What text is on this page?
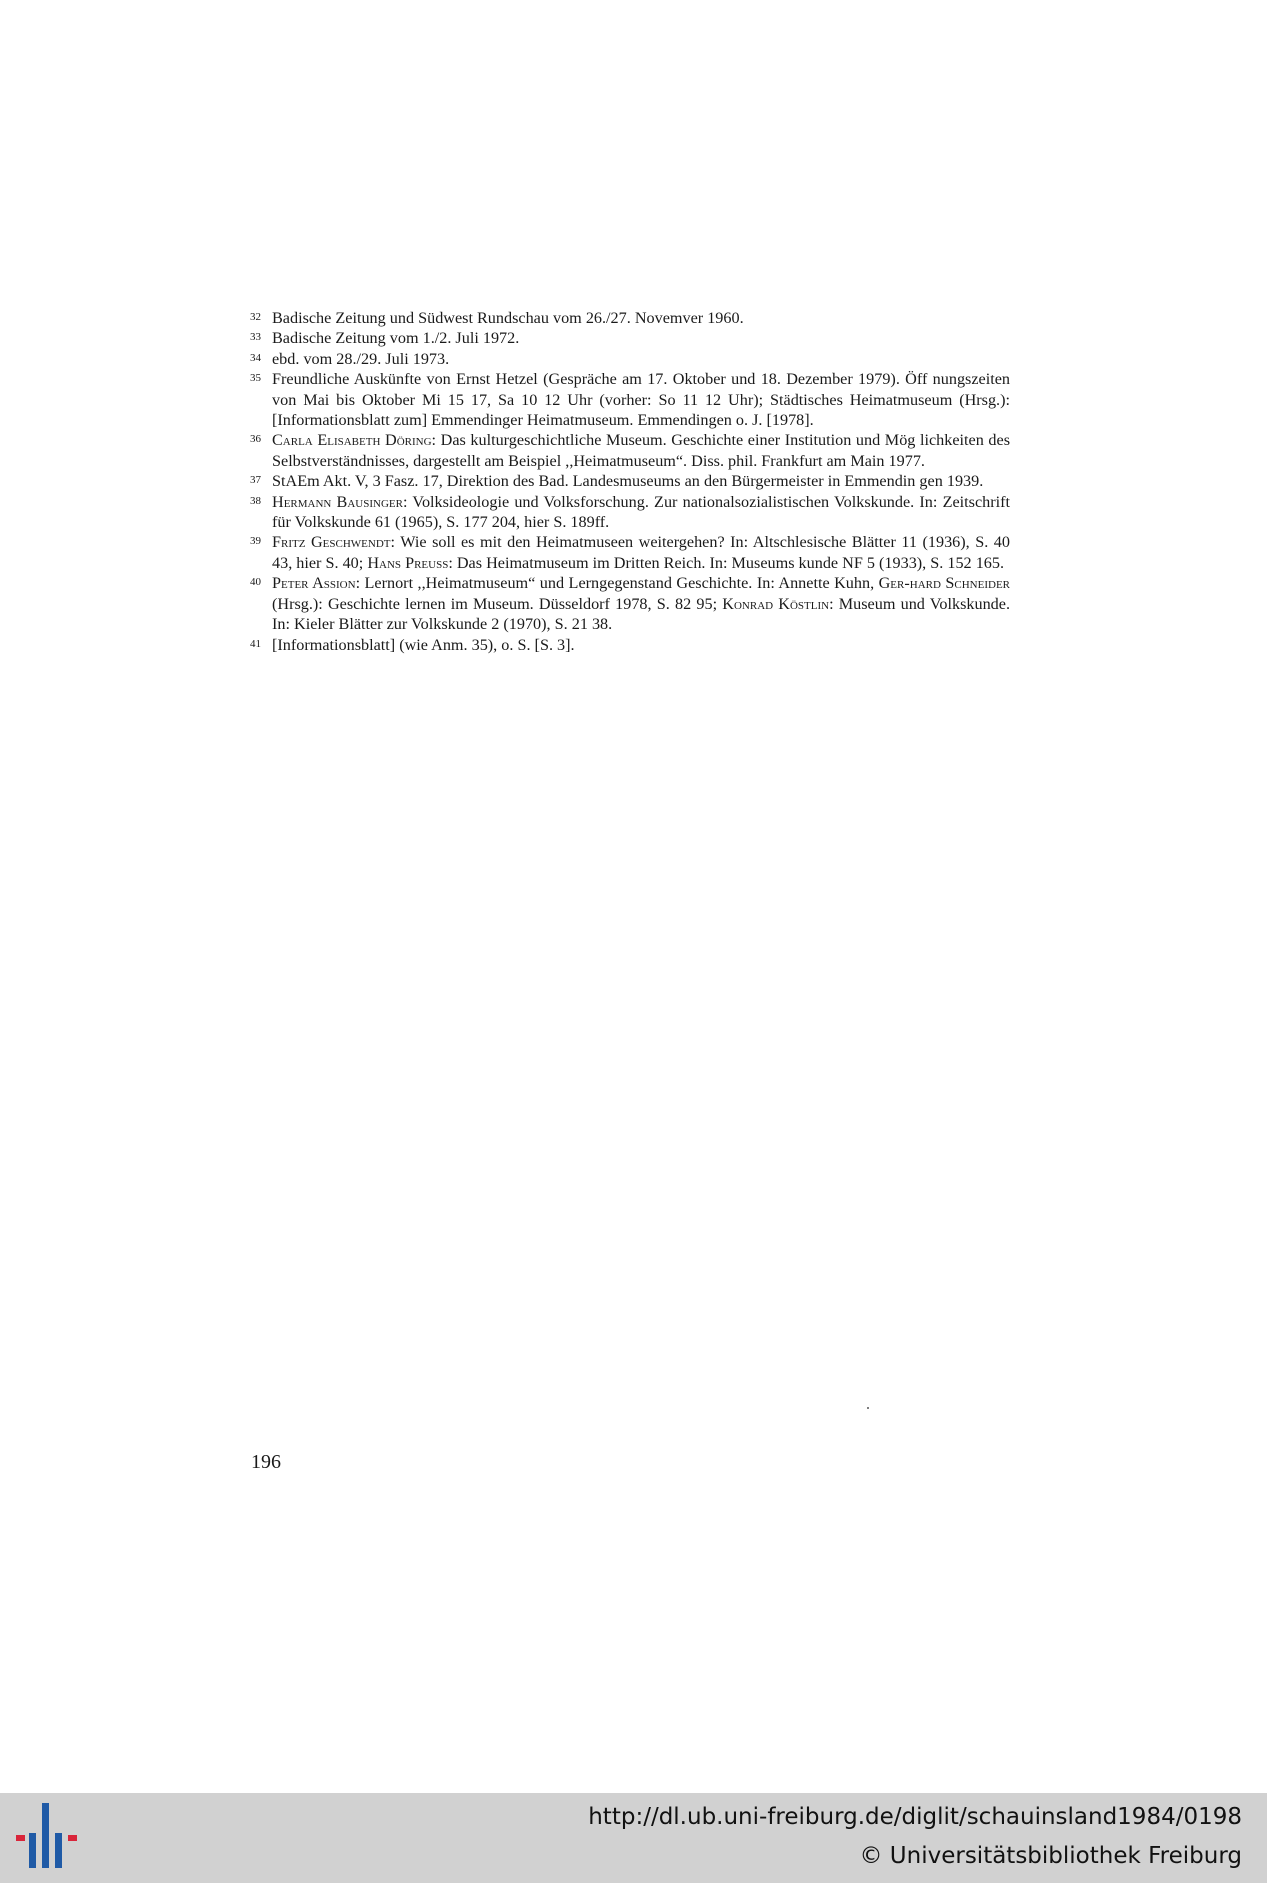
32 Badische Zeitung und Südwest Rundschau vom 26./27. Novemver 1960.
33 Badische Zeitung vom 1./2. Juli 1972.
34 ebd. vom 28./29. Juli 1973.
35 Freundliche Auskünfte von Ernst Hetzel (Gespräche am 17. Oktober und 18. Dezember 1979). Öff nungszeiten von Mai bis Oktober Mi 15 17, Sa 10 12 Uhr (vorher: So 11 12 Uhr); Städtisches Heimatmuseum (Hrsg.): [Informationsblatt zum] Emmendinger Heimatmuseum. Emmendingen o. J. [1978].
36 Carla Elisabeth Döring: Das kulturgeschichtliche Museum. Geschichte einer Institution und Mög lichkeiten des Selbstverständnisses, dargestellt am Beispiel ,,Heimatmuseum“. Diss. phil. Frankfurt am Main 1977.
37 StAEm Akt. V, 3 Fasz. 17, Direktion des Bad. Landesmuseums an den Bürgermeister in Emmendin gen 1939.
38 Hermann Bausinger: Volksideologie und Volksforschung. Zur nationalsozialistischen Volkskunde. In: Zeitschrift für Volkskunde 61 (1965), S. 177 204, hier S. 189ff.
39 Fritz Geschwendt: Wie soll es mit den Heimatmuseen weitergehen? In: Altschlesische Blätter 11 (1936), S. 40 43, hier S. 40; Hans Preuss: Das Heimatmuseum im Dritten Reich. In: Museums kunde NF 5 (1933), S. 152 165.
40 Peter Assion: Lernort ,,Heimatmuseum“ und Lerngegenstand Geschichte. In: Annette Kuhn, Ger-hard Schneider (Hrsg.): Geschichte lernen im Museum. Düsseldorf 1978, S. 82 95; Konrad Köstlin: Museum und Volkskunde. In: Kieler Blätter zur Volkskunde 2 (1970), S. 21 38.
41 [Informationsblatt] (wie Anm. 35), o. S. [S. 3].
196
http://dl.ub.uni-freiburg.de/diglit/schauinsland1984/0198
© Universitätsbibliothek Freiburg
